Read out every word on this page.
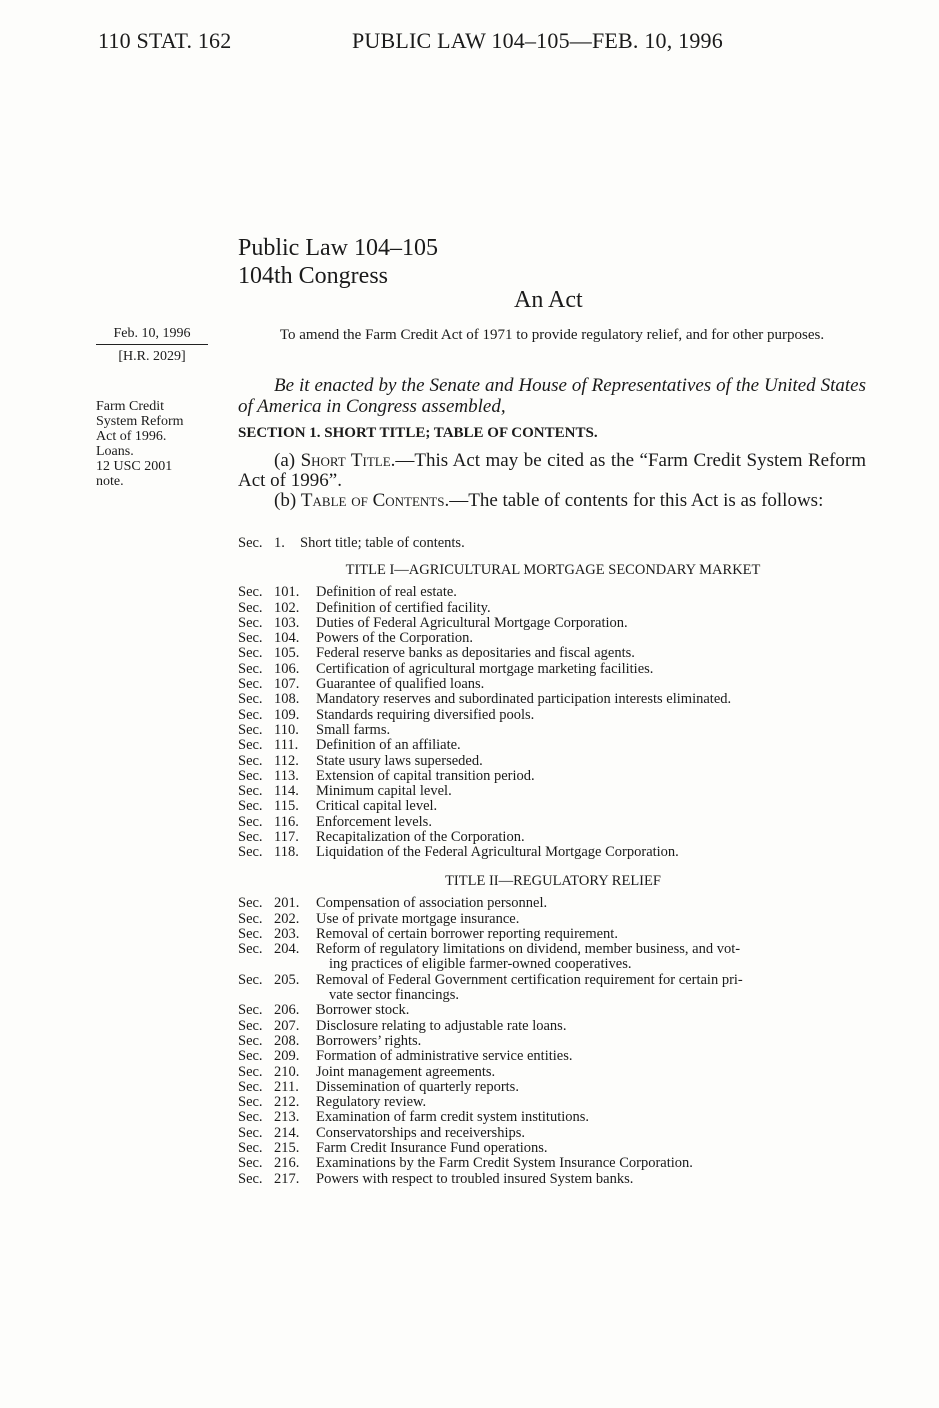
110 STAT. 162	PUBLIC LAW 104–105—FEB. 10, 1996
Public Law 104–105
104th Congress
An Act
Feb. 10, 1996
[H.R. 2029]
Farm Credit
System Reform
Act of 1996.
Loans.
12 USC 2001
note.
To amend the Farm Credit Act of 1971 to provide regulatory relief, and for other purposes.
Be it enacted by the Senate and House of Representatives of the United States of America in Congress assembled,
SECTION 1. SHORT TITLE; TABLE OF CONTENTS.
(a) Short Title.—This Act may be cited as the “Farm Credit System Reform Act of 1996”.
(b) Table of Contents.—The table of contents for this Act is as follows:
Sec. 1.	Short title; table of contents.
TITLE I—AGRICULTURAL MORTGAGE SECONDARY MARKET
Sec. 101.	Definition of real estate.
Sec. 102.	Definition of certified facility.
Sec. 103.	Duties of Federal Agricultural Mortgage Corporation.
Sec. 104.	Powers of the Corporation.
Sec. 105.	Federal reserve banks as depositaries and fiscal agents.
Sec. 106.	Certification of agricultural mortgage marketing facilities.
Sec. 107.	Guarantee of qualified loans.
Sec. 108.	Mandatory reserves and subordinated participation interests eliminated.
Sec. 109.	Standards requiring diversified pools.
Sec. 110.	Small farms.
Sec. 111.	Definition of an affiliate.
Sec. 112.	State usury laws superseded.
Sec. 113.	Extension of capital transition period.
Sec. 114.	Minimum capital level.
Sec. 115.	Critical capital level.
Sec. 116.	Enforcement levels.
Sec. 117.	Recapitalization of the Corporation.
Sec. 118.	Liquidation of the Federal Agricultural Mortgage Corporation.
TITLE II—REGULATORY RELIEF
Sec. 201.	Compensation of association personnel.
Sec. 202.	Use of private mortgage insurance.
Sec. 203.	Removal of certain borrower reporting requirement.
Sec. 204.	Reform of regulatory limitations on dividend, member business, and vot-
ing practices of eligible farmer-owned cooperatives.
Sec. 205.	Removal of Federal Government certification requirement for certain pri-
vate sector financings.
Sec. 206.	Borrower stock.
Sec. 207.	Disclosure relating to adjustable rate loans.
Sec. 208.	Borrowers’ rights.
Sec. 209.	Formation of administrative service entities.
Sec. 210.	Joint management agreements.
Sec. 211.	Dissemination of quarterly reports.
Sec. 212.	Regulatory review.
Sec. 213.	Examination of farm credit system institutions.
Sec. 214.	Conservatorships and receiverships.
Sec. 215.	Farm Credit Insurance Fund operations.
Sec. 216.	Examinations by the Farm Credit System Insurance Corporation.
Sec. 217.	Powers with respect to troubled insured System banks.
